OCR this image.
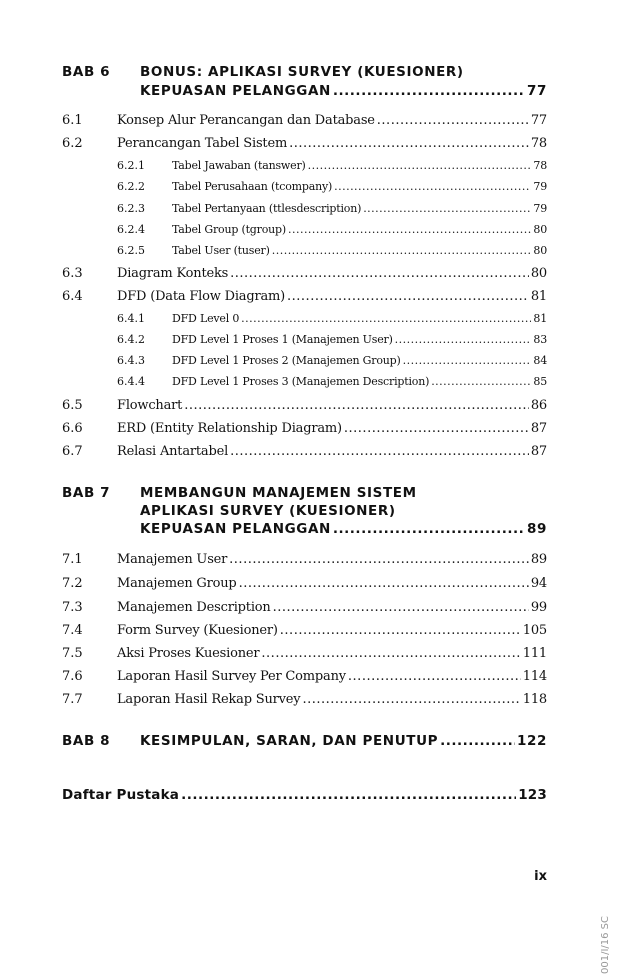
BAB 6 BONUS: APLIKASI SURVEY (KUESIONER)
KEPUASAN PELANGGAN .....	77
6.1	Konsep Alur Perancangan dan Database .....	77
6.2	Perancangan Tabel Sistem .....	78
6.2.1 Tabel Jawaban (tanswer) .....	78
6.2.2 Tabel Perusahaan (tcompany) .....	79
6.2.3 Tabel Pertanyaan (ttlesdescription) .....	79
6.2.4 Tabel Group (tgroup) .....	80
6.2.5 Tabel User (tuser) .....	80
6.3	Diagram Konteks .....	80
6.4	DFD (Data Flow Diagram) .....	81
6.4.1 DFD Level 0 .....	81
6.4.2 DFD Level 1 Proses 1 (Manajemen User) .....	83
6.4.3 DFD Level 1 Proses 2 (Manajemen Group) .....	84
6.4.4 DFD Level 1 Proses 3 (Manajemen Description) .....	85
6.5	Flowchart .....	86
6.6	ERD (Entity Relationship Diagram) .....	87
6.7	Relasi Antartabel .....	87
BAB 7 MEMBANGUN MANAJEMEN SISTEM
APLIKASI SURVEY (KUESIONER)
KEPUASAN PELANGGAN .....	89
7.1	Manajemen User .....	89
7.2	Manajemen Group .....	94
7.3	Manajemen Description .....	99
7.4	Form Survey (Kuesioner) .....	105
7.5	Aksi Proses Kuesioner .....	111
7.6	Laporan Hasil Survey Per Company .....	114
7.7	Laporan Hasil Rekap Survey .....	118
BAB 8 KESIMPULAN, SARAN, DAN PENUTUP .....	122
Daftar Pustaka .....	123
ix
001/I/16 SC
